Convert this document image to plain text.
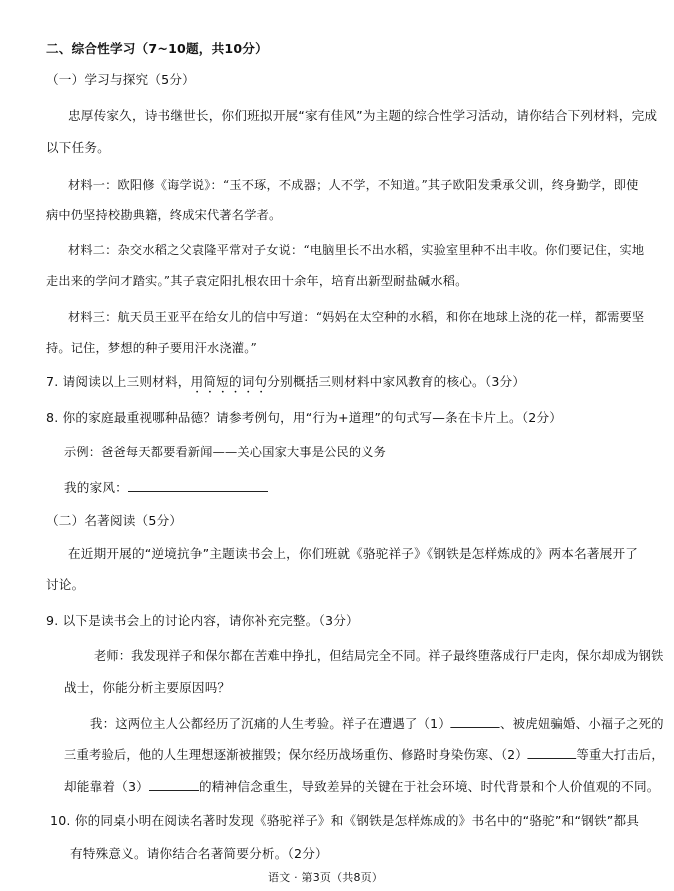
二、综合性学习（7~10题，共10分）
（一）学习与探究（5分）
忠厚传家久，诗书继世长，你们班拟开展“家有佳风”为主题的综合性学习活动，请你结合下列材料，完成
以下任务。
材料一：欧阳修《诲学说》：“玉不琢，不成器；人不学，不知道。”其子欧阳发秉承父训，终身勤学，即使
病中仍坚持校勘典籍，终成宋代著名学者。
材料二：杂交水稻之父袁隆平常对子女说：“电脑里长不出水稻，实验室里种不出丰收。你们要记住，实地
走出来的学问才踏实。”其子袁定阳扎根农田十余年，培育出新型耐盐碱水稻。
材料三：航天员王亚平在给女儿的信中写道：“妈妈在太空种的水稻，和你在地球上浇的花一样，都需要坚
持。记住，梦想的种子要用汗水浇灌。”
7. 请阅读以上三则材料，用简短的词句分别概括三则材料中家风教育的核心。（3分）
8. 你的家庭最重视哪种品德？请参考例句，用“行为+道理”的句式写—条在卡片上。（2分）
示例：爸爸每天都要看新闻——关心国家大事是公民的义务
我的家风：
（二）名著阅读（5分）
在近期开展的“逆境抗争”主题读书会上，你们班就《骆驼祥子》《钢铁是怎样炼成的》两本名著展开了
讨论。
9. 以下是读书会上的讨论内容，请你补充完整。（3分）
老师：我发现祥子和保尔都在苦难中挣扎，但结局完全不同。祥子最终堕落成行尸走肉，保尔却成为钢铁
战士，你能分析主要原因吗？
我：这两位主人公都经历了沉痛的人生考验。祥子在遭遇了（1）	、被虎妞骗婚、小福子之死的
三重考验后，他的人生理想逐渐被摧毁；保尔经历战场重伤、修路时身染伤寒、（2）	等重大打击后，
却能靠着（3）	的精神信念重生，导致差异的关键在于社会环境、时代背景和个人价值观的不同。
10. 你的同桌小明在阅读名著时发现《骆驼祥子》和《钢铁是怎样炼成的》书名中的“骆驼”和“钢铁”都具
有特殊意义。请你结合名著简要分析。（2分）
语文 · 第3页（共8页）
